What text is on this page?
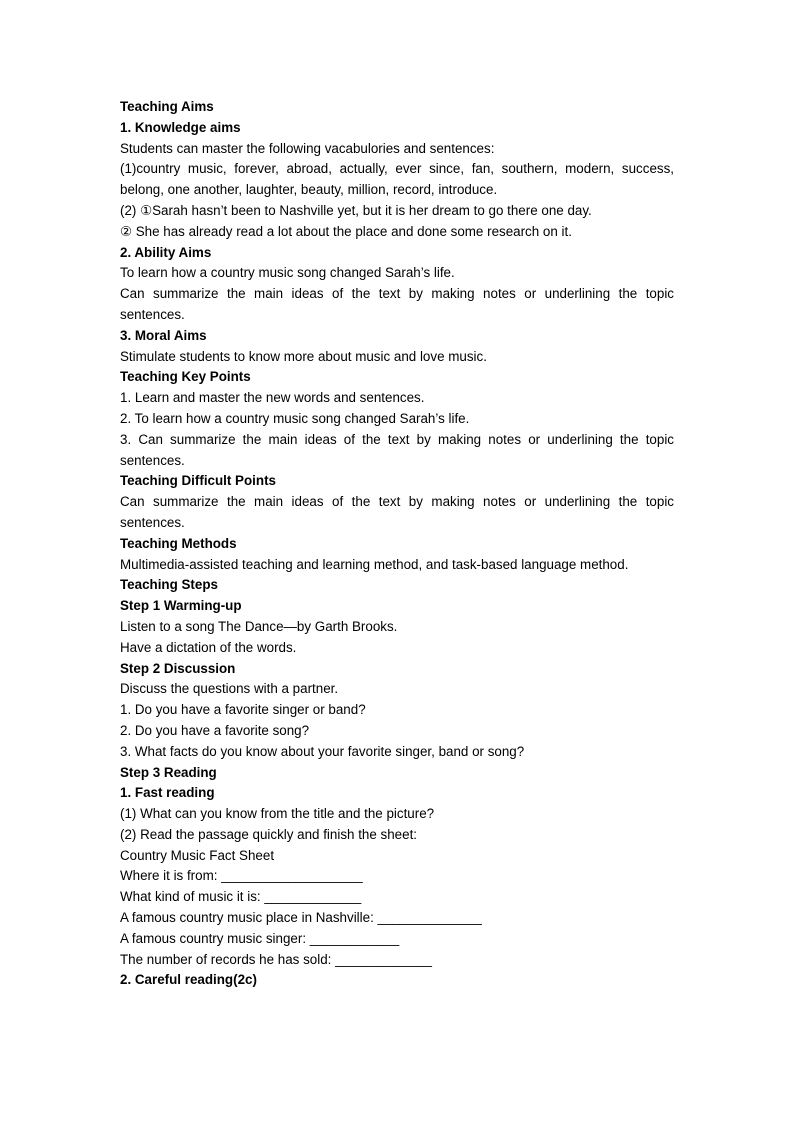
Teaching Aims
1. Knowledge aims
Students can master the following vacabulories and sentences:
(1)country music, forever, abroad, actually, ever since, fan, southern, modern, success, belong, one another, laughter, beauty, million, record, introduce.
(2) ①Sarah hasn’t been to Nashville yet, but it is her dream to go there one day.
② She has already read a lot about the place and done some research on it.
2. Ability Aims
To learn how a country music song changed Sarah’s life.
Can summarize the main ideas of the text by making notes or underlining the topic sentences.
3. Moral Aims
Stimulate students to know more about music and love music.
Teaching Key Points
1. Learn and master the new words and sentences.
2. To learn how a country music song changed Sarah’s life.
3. Can summarize the main ideas of the text by making notes or underlining the topic sentences.
Teaching Difficult Points
Can summarize the main ideas of the text by making notes or underlining the topic sentences.
Teaching Methods
Multimedia-assisted teaching and learning method, and task-based language method.
Teaching Steps
Step 1 Warming-up
Listen to a song The Dance—by Garth Brooks.
Have a dictation of the words.
Step 2 Discussion
Discuss the questions with a partner.
1. Do you have a favorite singer or band?
2. Do you have a favorite song?
3. What facts do you know about your favorite singer, band or song?
Step 3 Reading
1. Fast reading
(1) What can you know from the title and the picture?
(2) Read the passage quickly and finish the sheet:
Country Music Fact Sheet
Where it is from: ___________________
What kind of music it is: _____________
A famous country music place in Nashville: ______________
A famous country music singer: ____________
The number of records he has sold: _____________
2. Careful reading(2c)
